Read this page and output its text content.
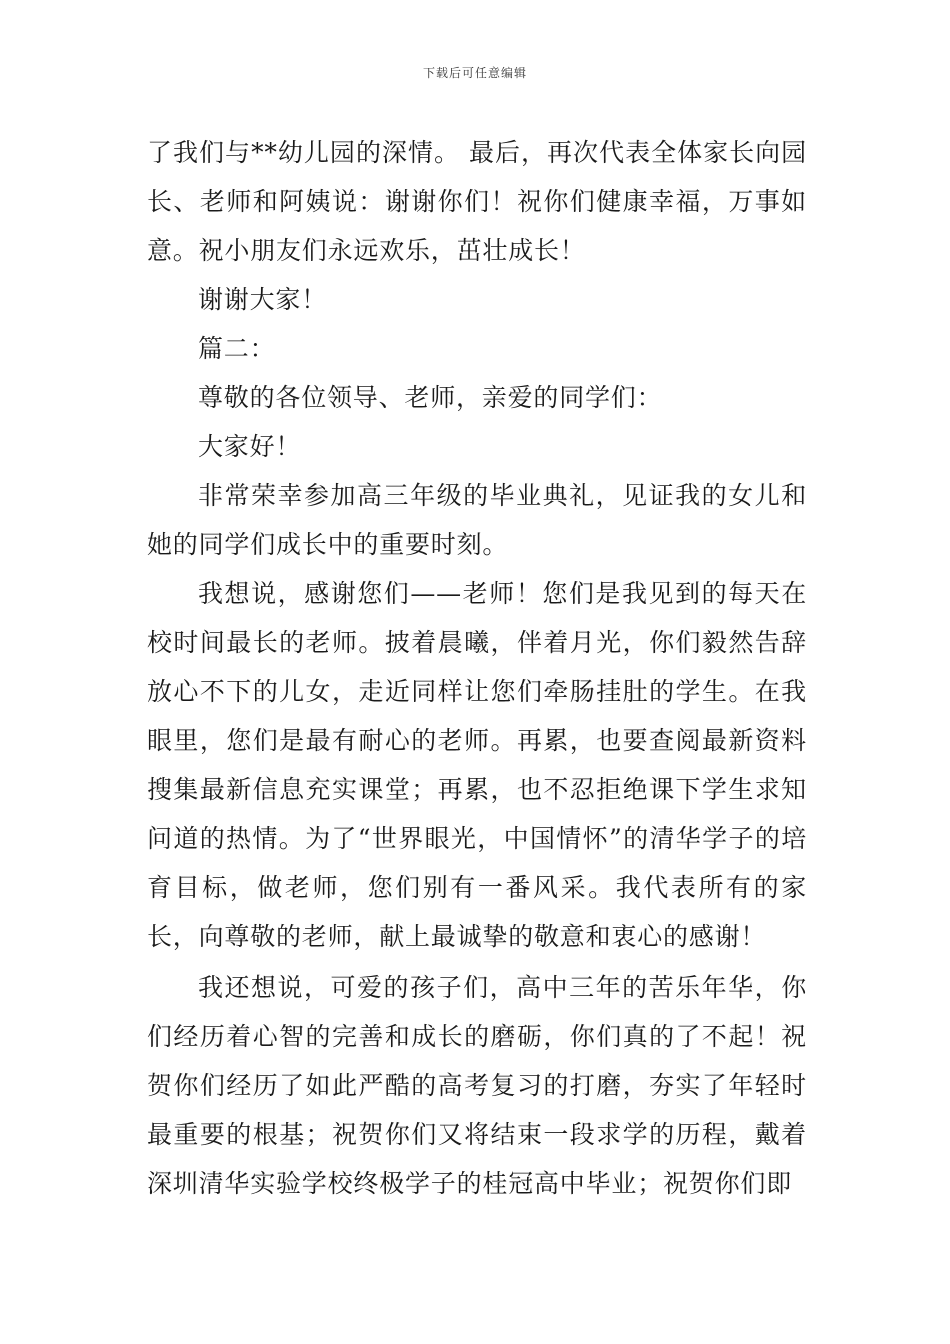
下载后可任意编辑

了我们与**幼儿园的深情。 最后，再次代表全体家长向园长、老师和阿姨说：谢谢你们！祝你们健康幸福，万事如意。祝小朋友们永远欢乐，茁壮成长！

谢谢大家！

篇二：

尊敬的各位领导、老师，亲爱的同学们：

大家好！

非常荣幸参加高三年级的毕业典礼，见证我的女儿和她的同学们成长中的重要时刻。

我想说，感谢您们——老师！您们是我见到的每天在校时间最长的老师。披着晨曦，伴着月光，你们毅然告辞放心不下的儿女，走近同样让您们牵肠挂肚的学生。在我眼里，您们是最有耐心的老师。再累，也要查阅最新资料搜集最新信息充实课堂；再累，也不忍拒绝课下学生求知问道的热情。为了“世界眼光，中国情怀”的清华学子的培育目标，做老师，您们别有一番风采。我代表所有的家长，向尊敬的老师，献上最诚挚的敬意和衷心的感谢！

我还想说，可爱的孩子们，高中三年的苦乐年华，你们经历着心智的完善和成长的磨砺，你们真的了不起！祝贺你们经历了如此严酷的高考复习的打磨，夯实了年轻时最重要的根基；祝贺你们又将结束一段求学的历程，戴着深圳清华实验学校终极学子的桂冠高中毕业；祝贺你们即
